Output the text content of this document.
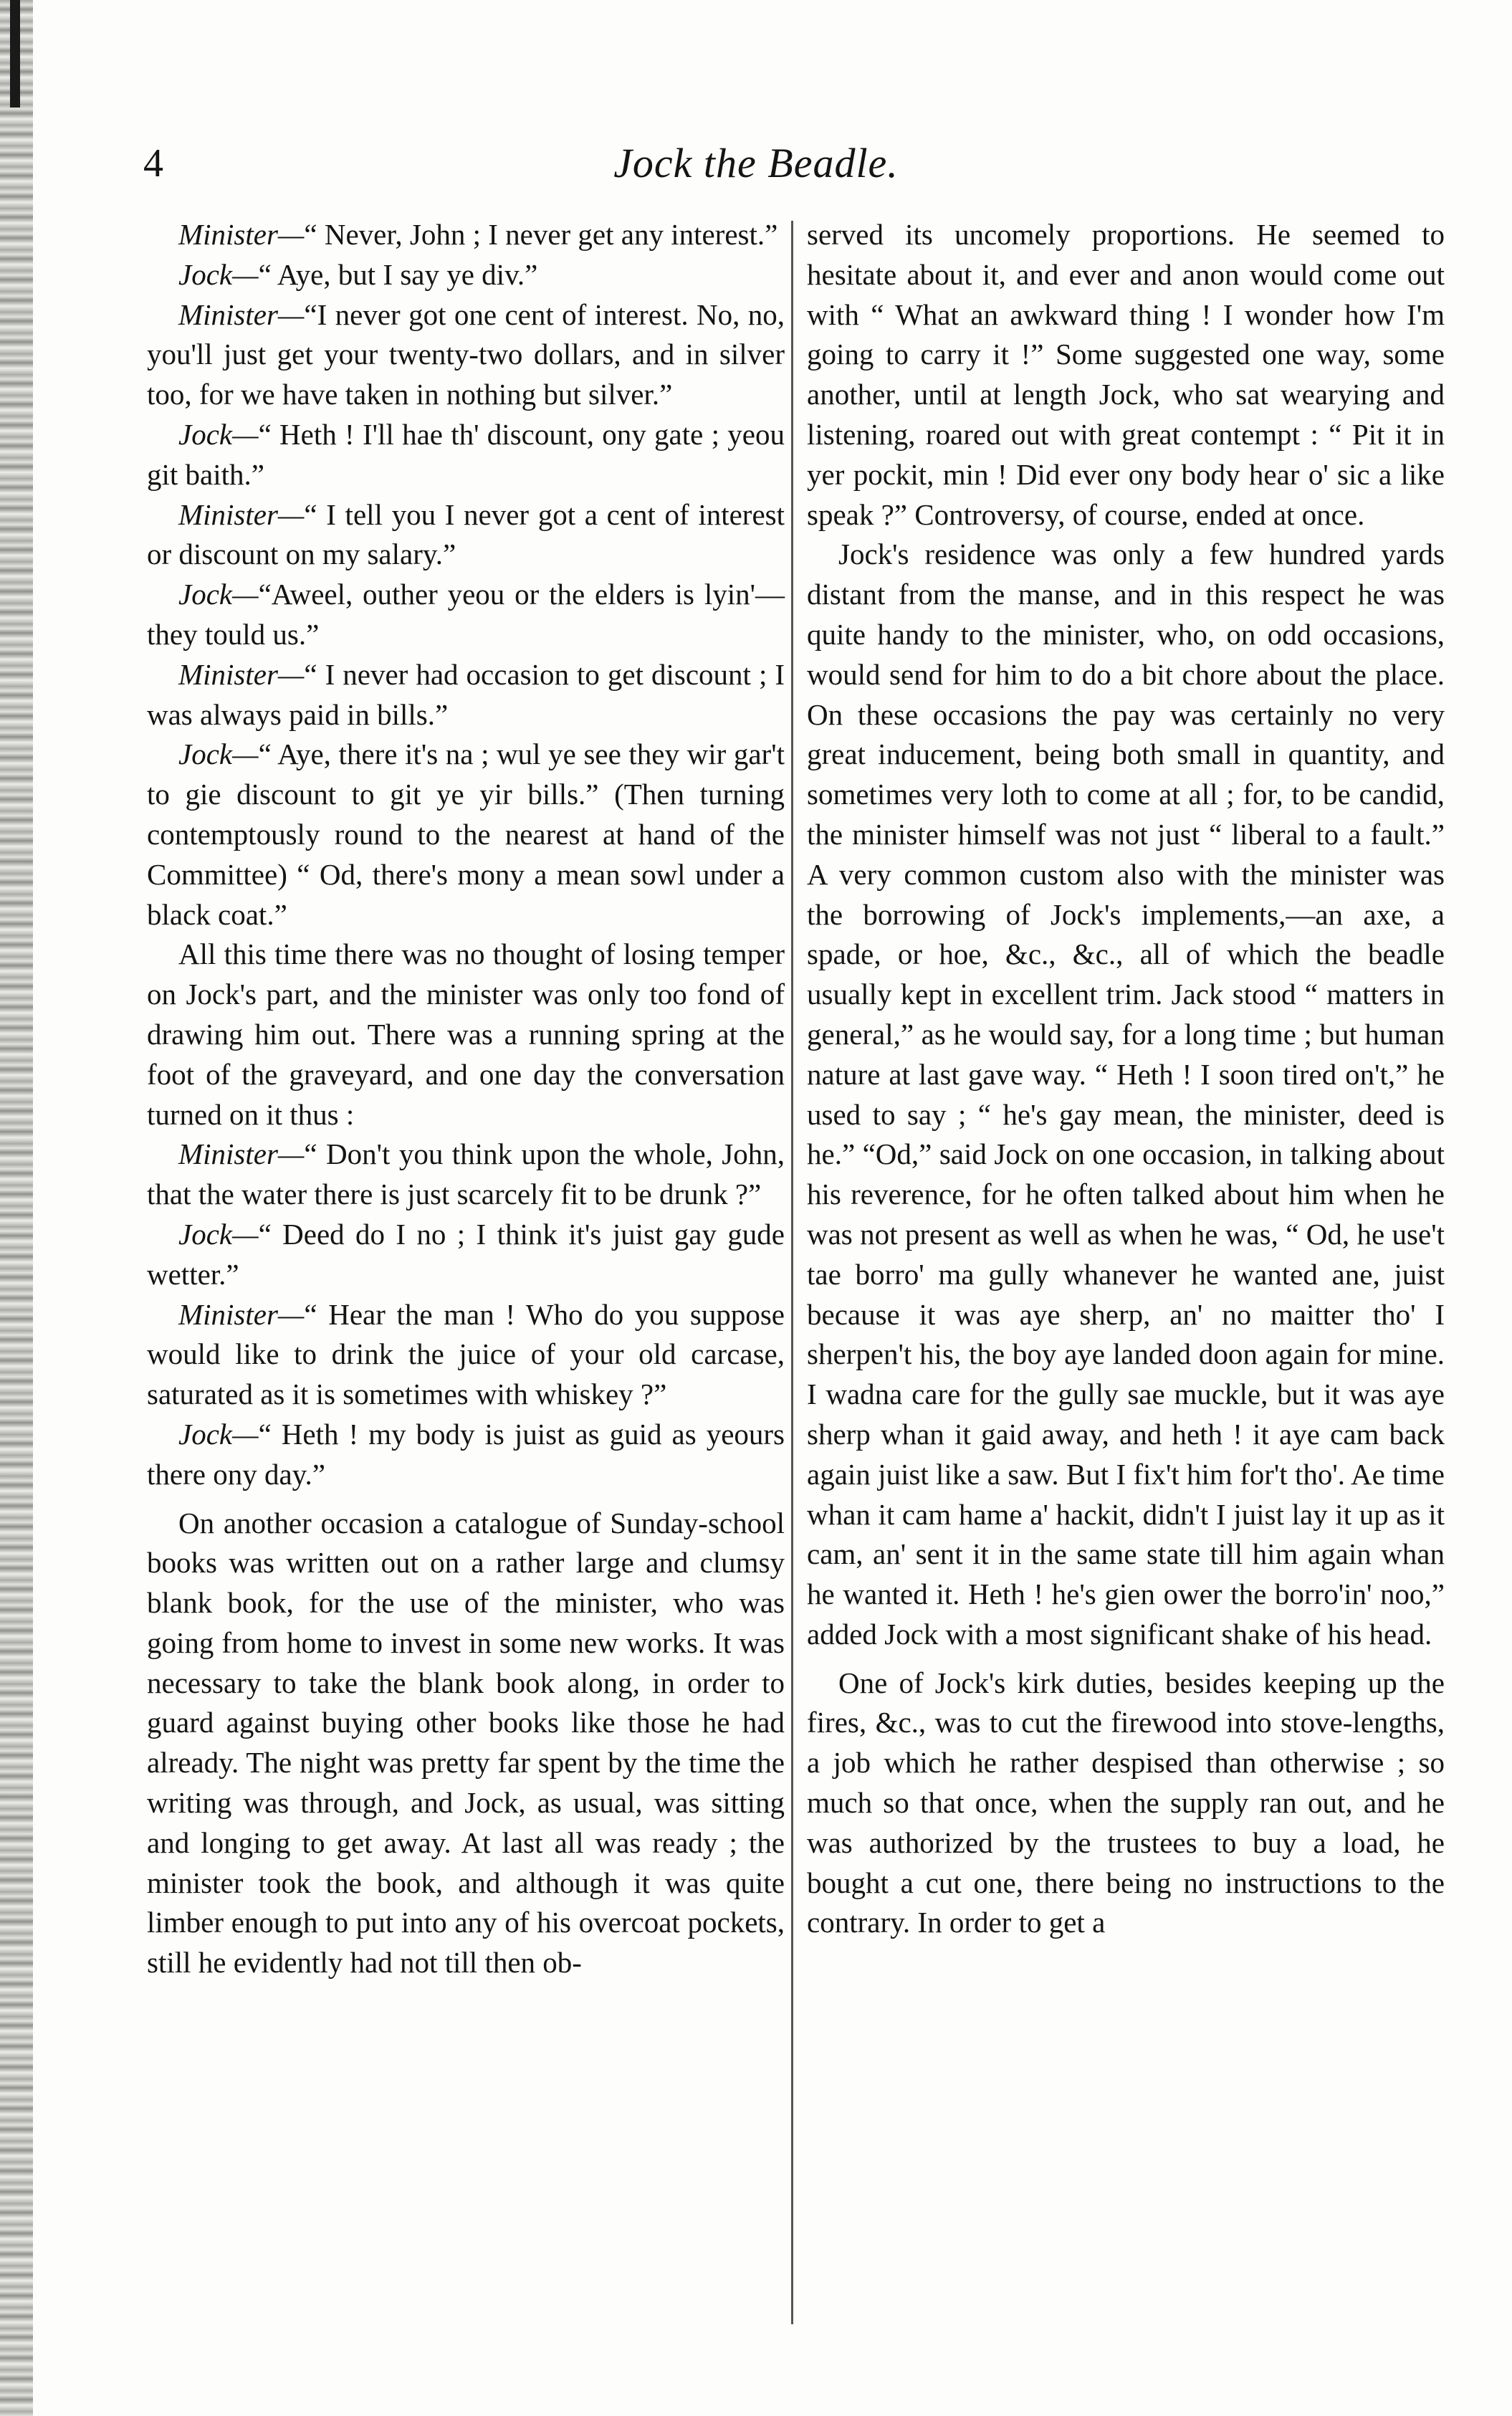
4	Jock the Beadle.

Minister—“ Never, John ; I never get any interest.”

Jock—“ Aye, but I say ye div.”

Minister—“I never got one cent of interest. No, no, you'll just get your twenty-two dollars, and in silver too, for we have taken in nothing but silver.”

Jock—“ Heth ! I'll hae th' discount, ony gate ; yeou git baith.”

Minister—“ I tell you I never got a cent of interest or discount on my salary.”

Jock—“Aweel, outher yeou or the elders is lyin'—they tould us.”

Minister—“ I never had occasion to get discount ; I was always paid in bills.”

Jock—“ Aye, there it's na ; wul ye see they wir gar't to gie discount to git ye yir bills.” (Then turning contemptously round to the nearest at hand of the Committee) “ Od, there's mony a mean sowl under a black coat.”

All this time there was no thought of losing temper on Jock's part, and the minister was only too fond of drawing him out. There was a running spring at the foot of the graveyard, and one day the conversation turned on it thus :

Minister—“ Don't you think upon the whole, John, that the water there is just scarcely fit to be drunk ?”

Jock—“ Deed do I no ; I think it's juist gay gude wetter.”

Minister—“ Hear the man ! Who do you suppose would like to drink the juice of your old carcase, saturated as it is sometimes with whiskey ?”

Jock—“ Heth ! my body is juist as guid as yeours there ony day.”

On another occasion a catalogue of Sunday-school books was written out on a rather large and clumsy blank book, for the use of the minister, who was going from home to invest in some new works. It was necessary to take the blank book along, in order to guard against buying other books like those he had already. The night was pretty far spent by the time the writing was through, and Jock, as usual, was sitting and longing to get away. At last all was ready ; the minister took the book, and although it was quite limber enough to put into any of his overcoat pockets, still he evidently had not till then ob-

served its uncomely proportions. He seemed to hesitate about it, and ever and anon would come out with “ What an awkward thing ! I wonder how I'm going to carry it !” Some suggested one way, some another, until at length Jock, who sat wearying and listening, roared out with great contempt : “ Pit it in yer pockit, min ! Did ever ony body hear o' sic a like speak ?” Controversy, of course, ended at once.

Jock's residence was only a few hundred yards distant from the manse, and in this respect he was quite handy to the minister, who, on odd occasions, would send for him to do a bit chore about the place. On these occasions the pay was certainly no very great inducement, being both small in quantity, and sometimes very loth to come at all ; for, to be candid, the minister himself was not just “ liberal to a fault.” A very common custom also with the minister was the borrowing of Jock's implements,—an axe, a spade, or hoe, &c., &c., all of which the beadle usually kept in excellent trim. Jack stood “ matters in general,” as he would say, for a long time ; but human nature at last gave way. “ Heth ! I soon tired on't,” he used to say ; “ he's gay mean, the minister, deed is he.” “Od,” said Jock on one occasion, in talking about his reverence, for he often talked about him when he was not present as well as when he was, “ Od, he use't tae borro' ma gully whanever he wanted ane, juist because it was aye sherp, an' no maitter tho' I sherpen't his, the boy aye landed doon again for mine. I wadna care for the gully sae muckle, but it was aye sherp whan it gaid away, and heth ! it aye cam back again juist like a saw. But I fix't him for't tho'. Ae time whan it cam hame a' hackit, didn't I juist lay it up as it cam, an' sent it in the same state till him again whan he wanted it. Heth ! he's gien ower the borro'in' noo,” added Jock with a most significant shake of his head.

One of Jock's kirk duties, besides keeping up the fires, &c., was to cut the firewood into stove-lengths, a job which he rather despised than otherwise ; so much so that once, when the supply ran out, and he was authorized by the trustees to buy a load, he bought a cut one, there being no instructions to the contrary. In order to get a
